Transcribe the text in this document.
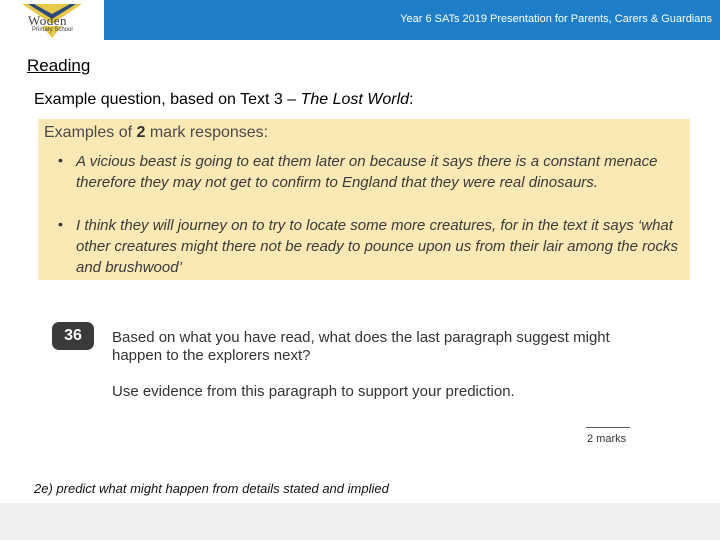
Woden
Primary School
Year 6 SATs 2019 Presentation for Parents, Carers & Guardians
Reading
Example question, based on Text 3 – The Lost World:
Examples of 2 mark responses:
• A vicious beast is going to eat them later on because it says there is a constant menace therefore they may not get to confirm to England that they were real dinosaurs.
• I think they will journey on to try to locate some more creatures, for in the text it says ‘what other creatures might there not be ready to pounce upon us from their lair among the rocks and brushwood’
36	Based on what you have read, what does the last paragraph suggest might happen to the explorers next?
Use evidence from this paragraph to support your prediction.
2 marks
2e) predict what might happen from details stated and implied
